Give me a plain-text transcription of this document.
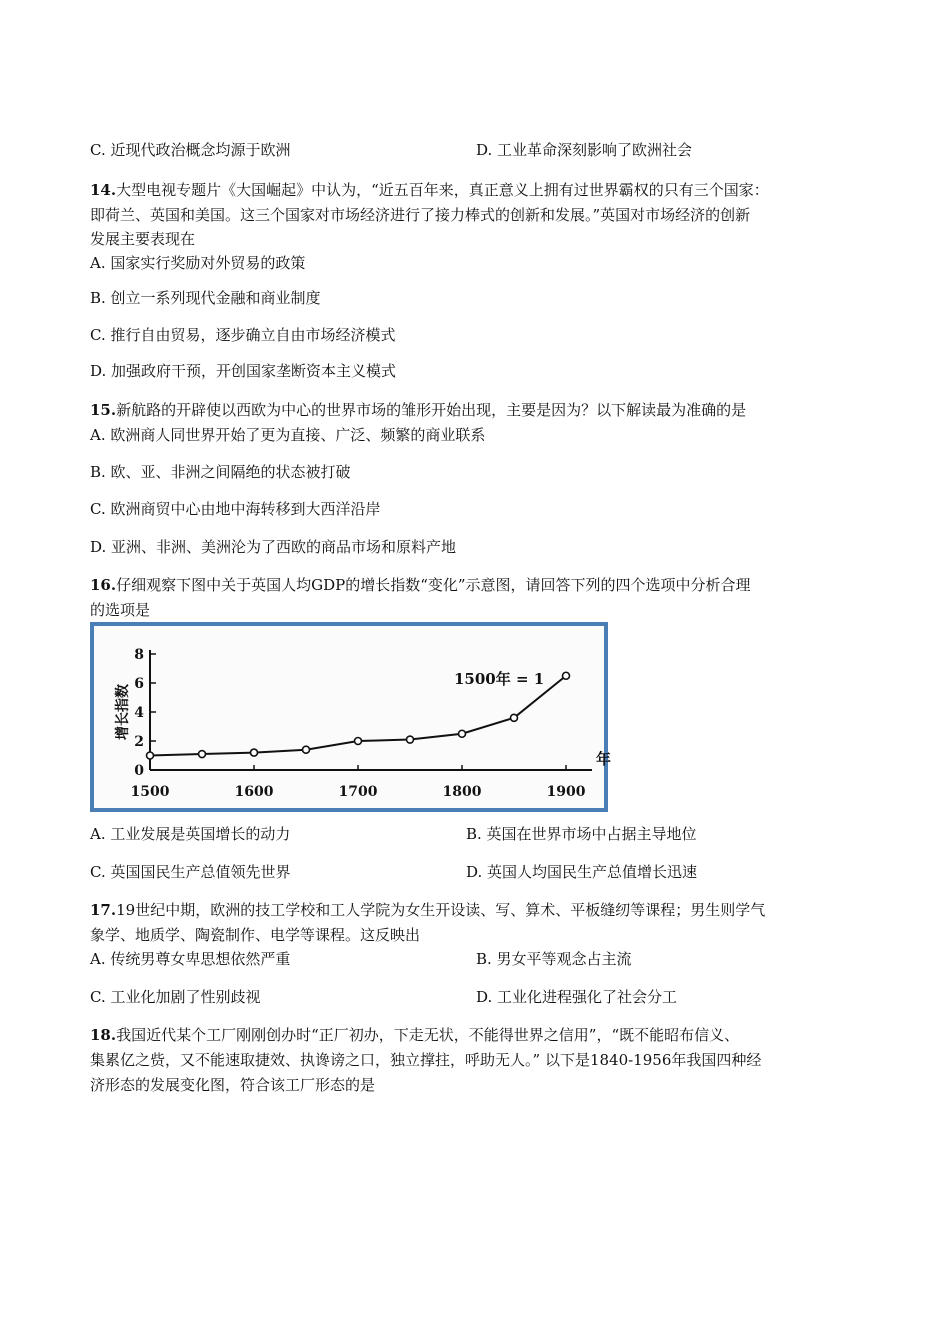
C. 近现代政治概念均源于欧洲	D. 工业革命深刻影响了欧洲社会
14.大型电视专题片《大国崛起》中认为，“近五百年来，真正意义上拥有过世界霸权的只有三个国家：
即荷兰、英国和美国。这三个国家对市场经济进行了接力棒式的创新和发展。”英国对市场经济的创新
发展主要表现在
A. 国家实行奖励对外贸易的政策
B. 创立一系列现代金融和商业制度
C. 推行自由贸易，逐步确立自由市场经济模式
D. 加强政府干预，开创国家垄断资本主义模式
15.新航路的开辟使以西欧为中心的世界市场的雏形开始出现，主要是因为？以下解读最为准确的是
A. 欧洲商人同世界开始了更为直接、广泛、频繁的商业联系
B. 欧、亚、非洲之间隔绝的状态被打破
C. 欧洲商贸中心由地中海转移到大西洋沿岸
D. 亚洲、非洲、美洲沦为了西欧的商品市场和原料产地
16.仔细观察下图中关于英国人均GDP的增长指数“变化”示意图，请回答下列的四个选项中分析合理
的选项是
8
6
4
2
0
1500	1600	1700	1800	1900
增长指数
年
1500年 = 1
A. 工业发展是英国增长的动力	B. 英国在世界市场中占据主导地位
C. 英国国民生产总值领先世界	D. 英国人均国民生产总值增长迅速
17.19世纪中期，欧洲的技工学校和工人学院为女生开设读、写、算术、平板缝纫等课程；男生则学气
象学、地质学、陶瓷制作、电学等课程。这反映出
A. 传统男尊女卑思想依然严重	B. 男女平等观念占主流
C. 工业化加剧了性别歧视	D. 工业化进程强化了社会分工
18.我国近代某个工厂刚刚创办时“正厂初办，下走无状，不能得世界之信用”，“既不能昭布信义、
集累亿之赀，又不能速取捷效、执谗谤之口，独立撑拄，呼助无人。” 以下是1840-1956年我国四种经
济形态的发展变化图，符合该工厂形态的是
